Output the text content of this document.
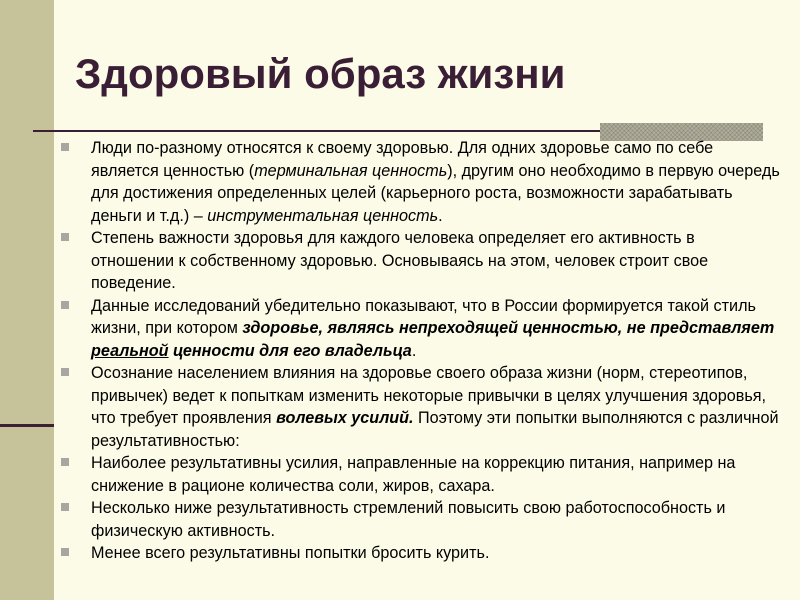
Здоровый образ жизни
Люди по-разному относятся к своему здоровью. Для одних здоровье само по себе является ценностью (терминальная ценность), другим оно необходимо в первую очередь для достижения определенных целей (карьерного роста, возможности зарабатывать деньги и т.д.) – инструментальная ценность.
Степень важности здоровья для каждого человека определяет его активность в отношении к собственному здоровью. Основываясь на этом, человек строит свое поведение.
Данные исследований убедительно показывают, что в России формируется такой стиль жизни, при котором здоровье, являясь непреходящей ценностью, не представляет реальной ценности для его владельца.
Осознание населением влияния на здоровье своего образа жизни (норм, стереотипов, привычек) ведет к попыткам изменить некоторые привычки в целях улучшения здоровья, что требует проявления волевых усилий. Поэтому эти попытки выполняются с различной результативностью:
Наиболее результативны усилия, направленные на коррекцию питания, например на снижение в рационе количества соли, жиров, сахара.
Несколько ниже результативность стремлений повысить свою работоспособность и физическую активность.
Менее всего результативны попытки бросить курить.
